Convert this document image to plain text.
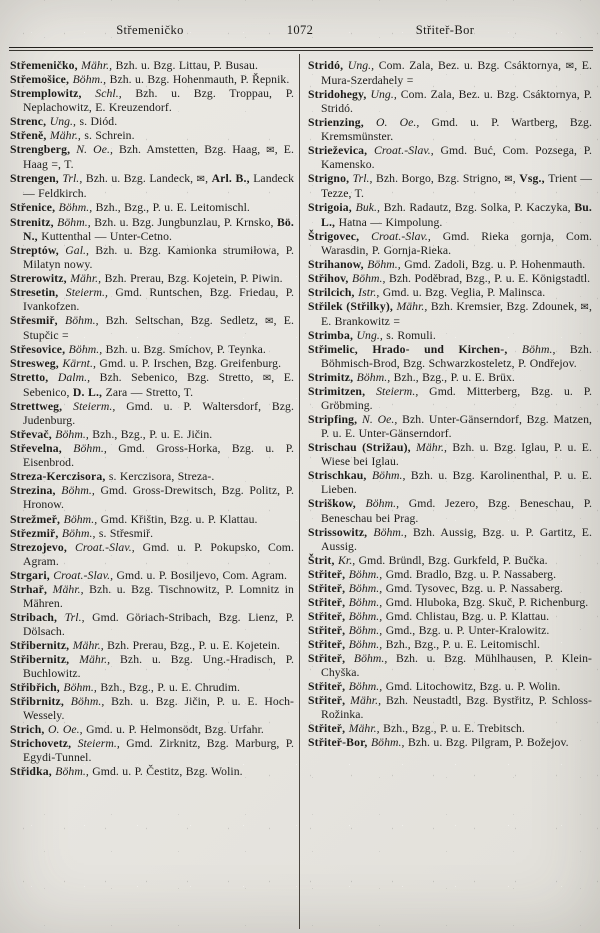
Střemeničko	1072	Střiteř-Bor

Střemeničko, Mähr., Bzh. u. Bzg. Littau, P. Busau.

Střemošice, Böhm., Bzh. u. Bzg. Hohenmauth, P. Řepnik.

Stremplowitz, Schl., Bzh. u. Bzg. Troppau, P. Neplachowitz, E. Kreuzendorf.

Strenc, Ung., s. Diód.

Střeně, Mähr., s. Schrein.

Strengberg, N. Oe., Bzh. Amstetten, Bzg. Haag, ✉, E. Haag =, T.

Strengen, Trl., Bzh. u. Bzg. Landeck, ✉, Arl. B., Landeck — Feldkirch.

Střenice, Böhm., Bzh., Bzg., P. u. E. Leitomischl.

Strenitz, Böhm., Bzh. u. Bzg. Jungbunzlau, P. Krnsko, Bö. N., Kuttenthal — Unter-Cetno.

Streptów, Gal., Bzh. u. Bzg. Kamionka strumiłowa, P. Milatyn nowy.

Strerowitz, Mähr., Bzh. Prerau, Bzg. Kojetein, P. Piwin.

Stresetin, Steierm., Gmd. Runtschen, Bzg. Friedau, P. Ivankofzen.

Střesmiř, Böhm., Bzh. Seltschan, Bzg. Sedletz, ✉, E. Stupčic =

Střesovice, Böhm., Bzh. u. Bzg. Smíchov, P. Teynka.

Stresweg, Kärnt., Gmd. u. P. Irschen, Bzg. Greifenburg.

Stretto, Dalm., Bzh. Sebenico, Bzg. Stretto, ✉, E. Sebenico, D. L., Zara — Stretto, T.

Strettweg, Steierm., Gmd. u. P. Waltersdorf, Bzg. Judenburg.

Střevač, Böhm., Bzh., Bzg., P. u. E. Jičin.

Střevelna, Böhm., Gmd. Gross-Horka, Bzg. u. P. Eisenbrod.

Streza-Kerczisora, s. Kerczisora, Streza-.

Strezina, Böhm., Gmd. Gross-Drewitsch, Bzg. Politz, P. Hronow.

Strežmeř, Böhm., Gmd. Křištin, Bzg. u. P. Klattau.

Střezmiř, Böhm., s. Střesmiř.

Strezojevo, Croat.-Slav., Gmd. u. P. Pokupsko, Com. Agram.

Strgari, Croat.-Slav., Gmd. u. P. Bosiljevo, Com. Agram.

Strhař, Mähr., Bzh. u. Bzg. Tischnowitz, P. Lomnitz in Mähren.

Stribach, Trl., Gmd. Göriach-Stribach, Bzg. Lienz, P. Dölsach.

Střibernitz, Mähr., Bzh. Prerau, Bzg., P. u. E. Kojetein.

Střibernitz, Mähr., Bzh. u. Bzg. Ung.-Hradisch, P. Buchlowitz.

Střibřich, Böhm., Bzh., Bzg., P. u. E. Chrudim.

Střibrnitz, Böhm., Bzh. u. Bzg. Jičin, P. u. E. Hoch-Wessely.

Strich, O. Oe., Gmd. u. P. Helmonsödt, Bzg. Urfahr.

Strichovetz, Steierm., Gmd. Zirknitz, Bzg. Marburg, P. Egydi-Tunnel.

Střidka, Böhm., Gmd. u. P. Čestitz, Bzg. Wolin.

Stridó, Ung., Com. Zala, Bez. u. Bzg. Csáktornya, ✉, E. Mura-Szerdahely =

Stridohegy, Ung., Com. Zala, Bez. u. Bzg. Csáktornya, P. Stridó.

Strienzing, O. Oe., Gmd. u. P. Wartberg, Bzg. Kremsmünster.

Strieževica, Croat.-Slav., Gmd. Buć, Com. Pozsega, P. Kamensko.

Strigno, Trl., Bzh. Borgo, Bzg. Strigno, ✉, Vsg., Trient — Tezze, T.

Strigoia, Buk., Bzh. Radautz, Bzg. Solka, P. Kaczyka, Bu. L., Hatna — Kimpolung.

Štrigovec, Croat.-Slav., Gmd. Rieka gornja, Com. Warasdin, P. Gornja-Rieka.

Strihanow, Böhm., Gmd. Zadoli, Bzg. u. P. Hohenmauth.

Střihov, Böhm., Bzh. Poděbrad, Bzg., P. u. E. Königstadtl.

Strilcich, Istr., Gmd. u. Bzg. Veglia, P. Malinsca.

Střilek (Střilky), Mähr., Bzh. Kremsier, Bzg. Zdounek, ✉, E. Brankowitz =

Strimba, Ung., s. Romuli.

Střimelic, Hrado- und Kirchen-, Böhm., Bzh. Böhmisch-Brod, Bzg. Schwarzkosteletz, P. Ondřejov.

Strimitz, Böhm., Bzh., Bzg., P. u. E. Brüx.

Strimitzen, Steierm., Gmd. Mitterberg, Bzg. u. P. Gröbming.

Stripfing, N. Oe., Bzh. Unter-Gänserndorf, Bzg. Matzen, P. u. E. Unter-Gänserndorf.

Strischau (Strižau), Mähr., Bzh. u. Bzg. Iglau, P. u. E. Wiese bei Iglau.

Strischkau, Böhm., Bzh. u. Bzg. Karolinenthal, P. u. E. Lieben.

Striškow, Böhm., Gmd. Jezero, Bzg. Beneschau, P. Beneschau bei Prag.

Strissowitz, Böhm., Bzh. Aussig, Bzg. u. P. Gartitz, E. Aussig.

Štrit, Kr., Gmd. Bründl, Bzg. Gurkfeld, P. Bučka.

Střiteř, Böhm., Gmd. Bradlo, Bzg. u. P. Nassaberg.

Střiteř, Böhm., Gmd. Tysovec, Bzg. u. P. Nassaberg.

Střiteř, Böhm., Gmd. Hluboka, Bzg. Skuč, P. Richenburg.

Střiteř, Böhm., Gmd. Chlistau, Bzg. u. P. Klattau.

Střiteř, Böhm., Gmd., Bzg. u. P. Unter-Kralowitz.

Střiteř, Böhm., Bzh., Bzg., P. u. E. Leitomischl.

Střiteř, Böhm., Bzh. u. Bzg. Mühlhausen, P. Klein-Chyška.

Střiteř, Böhm., Gmd. Litochowitz, Bzg. u. P. Wolin.

Střiteř, Mähr., Bzh. Neustadtl, Bzg. Bystřitz, P. Schloss-Rožinka.

Střiteř, Mähr., Bzh., Bzg., P. u. E. Trebitsch.

Střiteř-Bor, Böhm., Bzh. u. Bzg. Pilgram, P. Božejov.
